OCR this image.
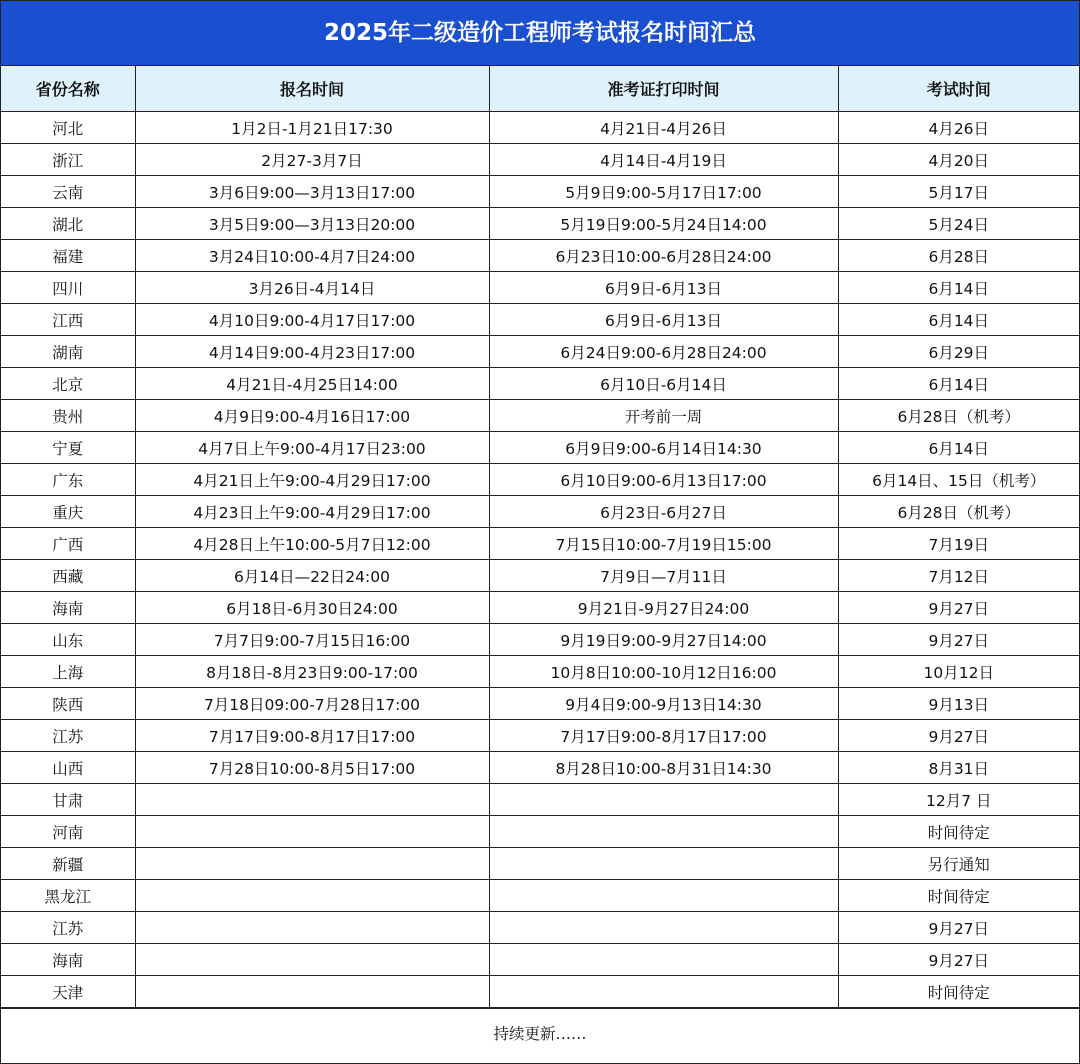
2025年二级造价工程师考试报名时间汇总
省份名称	报名时间	准考证打印时间	考试时间
河北	1月2日-1月21日17:30	4月21日-4月26日	4月26日
浙江	2月27-3月7日	4月14日-4月19日	4月20日
云南	3月6日9:00—3月13日17:00	5月9日9:00-5月17日17:00	5月17日
湖北	3月5日9:00—3月13日20:00	5月19日9:00-5月24日14:00	5月24日
福建	3月24日10:00-4月7日24:00	6月23日10:00-6月28日24:00	6月28日
四川	3月26日-4月14日	6月9日-6月13日	6月14日
江西	4月10日9:00-4月17日17:00	6月9日-6月13日	6月14日
湖南	4月14日9:00-4月23日17:00	6月24日9:00-6月28日24:00	6月29日
北京	4月21日-4月25日14:00	6月10日-6月14日	6月14日
贵州	4月9日9:00-4月16日17:00	开考前一周	6月28日（机考）
宁夏	4月7日上午9:00-4月17日23:00	6月9日9:00-6月14日14:30	6月14日
广东	4月21日上午9:00-4月29日17:00	6月10日9:00-6月13日17:00	6月14日、15日（机考）
重庆	4月23日上午9:00-4月29日17:00	6月23日-6月27日	6月28日（机考）
广西	4月28日上午10:00-5月7日12:00	7月15日10:00-7月19日15:00	7月19日
西藏	6月14日—22日24:00	7月9日—7月11日	7月12日
海南	6月18日-6月30日24:00	9月21日-9月27日24:00	9月27日
山东	7月7日9:00-7月15日16:00	9月19日9:00-9月27日14:00	9月27日
上海	8月18日-8月23日9:00-17:00	10月8日10:00-10月12日16:00	10月12日
陕西	7月18日09:00-7月28日17:00	9月4日9:00-9月13日14:30	9月13日
江苏	7月17日9:00-8月17日17:00	7月17日9:00-8月17日17:00	9月27日
山西	7月28日10:00-8月5日17:00	8月28日10:00-8月31日14:30	8月31日
甘肃			12月7 日
河南			时间待定
新疆			另行通知
黑龙江			时间待定
江苏			9月27日
海南			9月27日
天津			时间待定
持续更新……
